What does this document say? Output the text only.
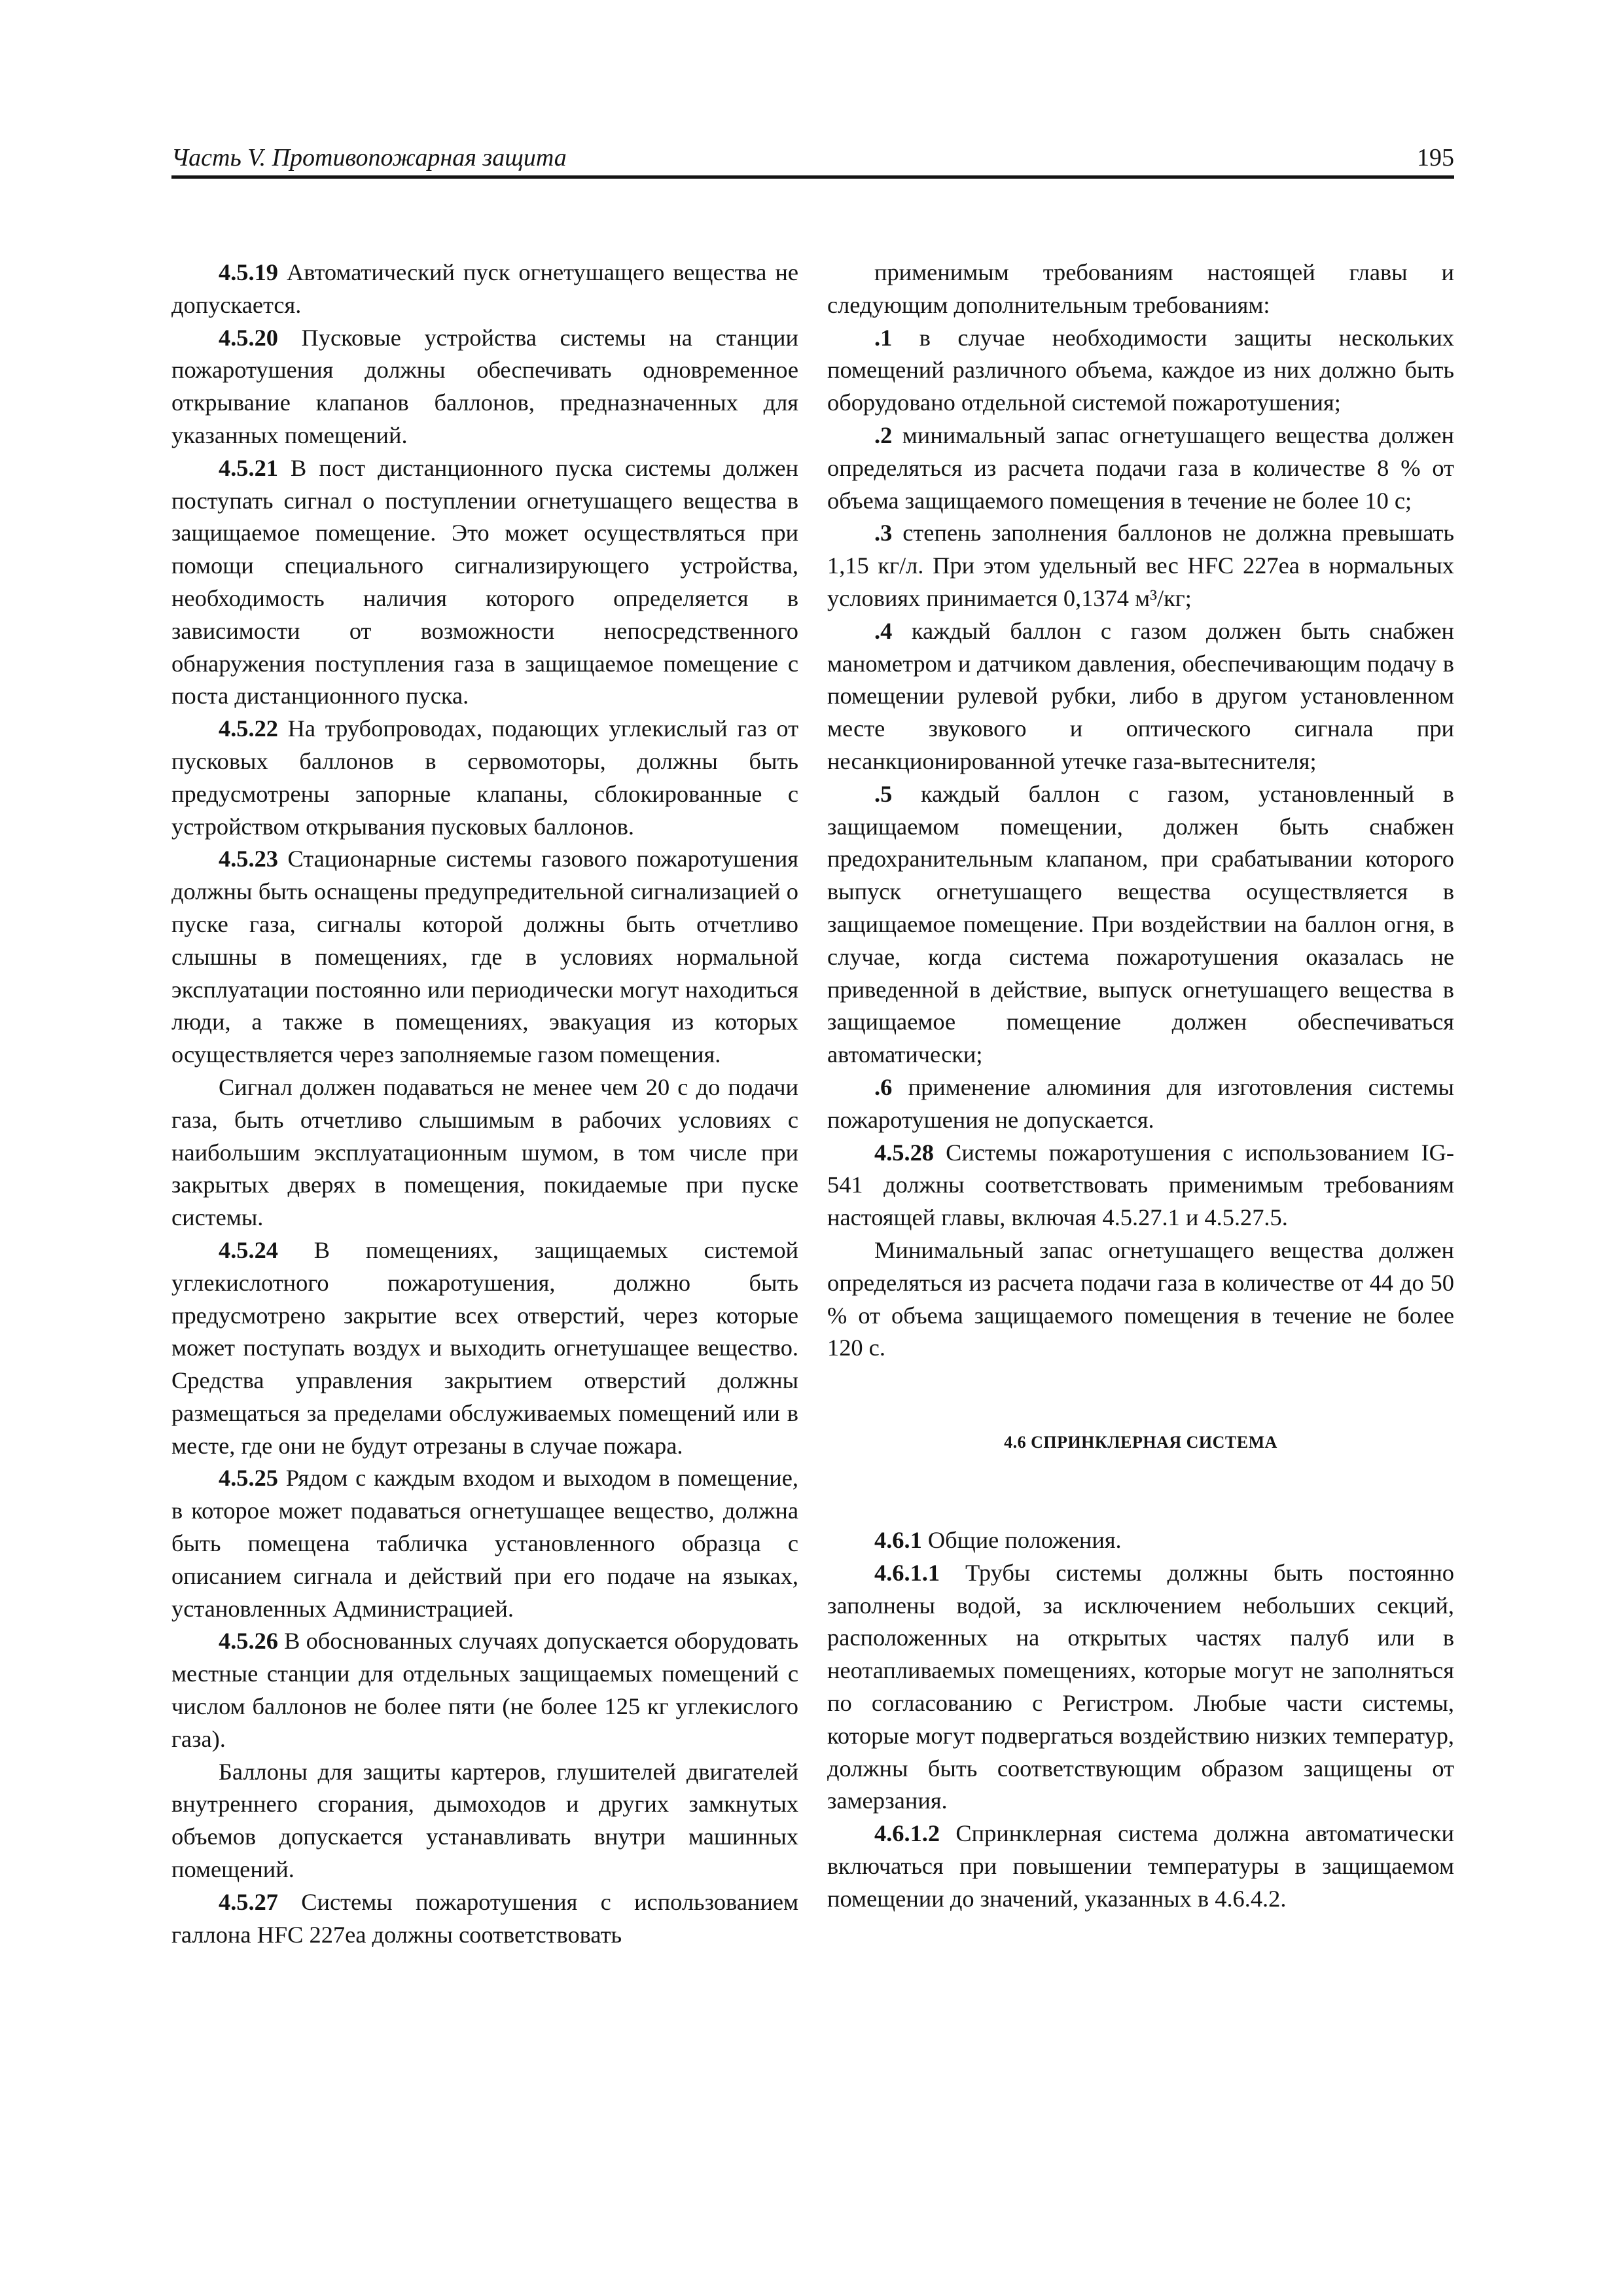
Часть V. Противопожарная защита	195

4.5.19 Автоматический пуск огнетушащего вещества не допускается.

4.5.20 Пусковые устройства системы на станции пожаротушения должны обеспечивать одновременное открывание клапанов баллонов, предназначенных для указанных помещений.

4.5.21 В пост дистанционного пуска системы должен поступать сигнал о поступлении огнетушащего вещества в защищаемое помещение. Это может осуществляться при помощи специального сигнализирующего устройства, необходимость наличия которого определяется в зависимости от возможности непосредственного обнаружения поступления газа в защищаемое помещение с поста дистанционного пуска.

4.5.22 На трубопроводах, подающих углекислый газ от пусковых баллонов в сервомоторы, должны быть предусмотрены запорные клапаны, сблокированные с устройством открывания пусковых баллонов.

4.5.23 Стационарные системы газового пожаротушения должны быть оснащены предупредительной сигнализацией о пуске газа, сигналы которой должны быть отчетливо слышны в помещениях, где в условиях нормальной эксплуатации постоянно или периодически могут находиться люди, а также в помещениях, эвакуация из которых осуществляется через заполняемые газом помещения.

Сигнал должен подаваться не менее чем 20 с до подачи газа, быть отчетливо слышимым в рабочих условиях с наибольшим эксплуатационным шумом, в том числе при закрытых дверях в помещения, покидаемые при пуске системы.

4.5.24 В помещениях, защищаемых системой углекислотного пожаротушения, должно быть предусмотрено закрытие всех отверстий, через которые может поступать воздух и выходить огнетушащее вещество. Средства управления закрытием отверстий должны размещаться за пределами обслуживаемых помещений или в месте, где они не будут отрезаны в случае пожара.

4.5.25 Рядом с каждым входом и выходом в помещение, в которое может подаваться огнетушащее вещество, должна быть помещена табличка установленного образца с описанием сигнала и действий при его подаче на языках, установленных Администрацией.

4.5.26 В обоснованных случаях допускается оборудовать местные станции для отдельных защищаемых помещений с числом баллонов не более пяти (не более 125 кг углекислого газа).

Баллоны для защиты картеров, глушителей двигателей внутреннего сгорания, дымоходов и других замкнутых объемов допускается устанавливать внутри машинных помещений.

4.5.27 Системы пожаротушения с использованием галлона HFC 227ea должны соответствовать

применимым требованиям настоящей главы и следующим дополнительным требованиям:

.1 в случае необходимости защиты нескольких помещений различного объема, каждое из них должно быть оборудовано отдельной системой пожаротушения;

.2 минимальный запас огнетушащего вещества должен определяться из расчета подачи газа в количестве 8 % от объема защищаемого помещения в течение не более 10 с;

.3 степень заполнения баллонов не должна превышать 1,15 кг/л. При этом удельный вес HFC 227ea в нормальных условиях принимается 0,1374 м³/кг;

.4 каждый баллон с газом должен быть снабжен манометром и датчиком давления, обеспечивающим подачу в помещении рулевой рубки, либо в другом установленном месте звукового и оптического сигнала при несанкционированной утечке газа-вытеснителя;

.5 каждый баллон с газом, установленный в защищаемом помещении, должен быть снабжен предохранительным клапаном, при срабатывании которого выпуск огнетушащего вещества осуществляется в защищаемое помещение. При воздействии на баллон огня, в случае, когда система пожаротушения оказалась не приведенной в действие, выпуск огнетушащего вещества в защищаемое помещение должен обеспечиваться автоматически;

.6 применение алюминия для изготовления системы пожаротушения не допускается.

4.5.28 Системы пожаротушения с использованием IG-541 должны соответствовать применимым требованиям настоящей главы, включая 4.5.27.1 и 4.5.27.5.

Минимальный запас огнетушащего вещества должен определяться из расчета подачи газа в количестве от 44 до 50 % от объема защищаемого помещения в течение не более 120 с.

4.6 СПРИНКЛЕРНАЯ СИСТЕМА

4.6.1 Общие положения.

4.6.1.1 Трубы системы должны быть постоянно заполнены водой, за исключением небольших секций, расположенных на открытых частях палуб или в неотапливаемых помещениях, которые могут не заполняться по согласованию с Регистром. Любые части системы, которые могут подвергаться воздействию низких температур, должны быть соответствующим образом защищены от замерзания.

4.6.1.2 Спринклерная система должна автоматически включаться при повышении температуры в защищаемом помещении до значений, указанных в 4.6.4.2.
